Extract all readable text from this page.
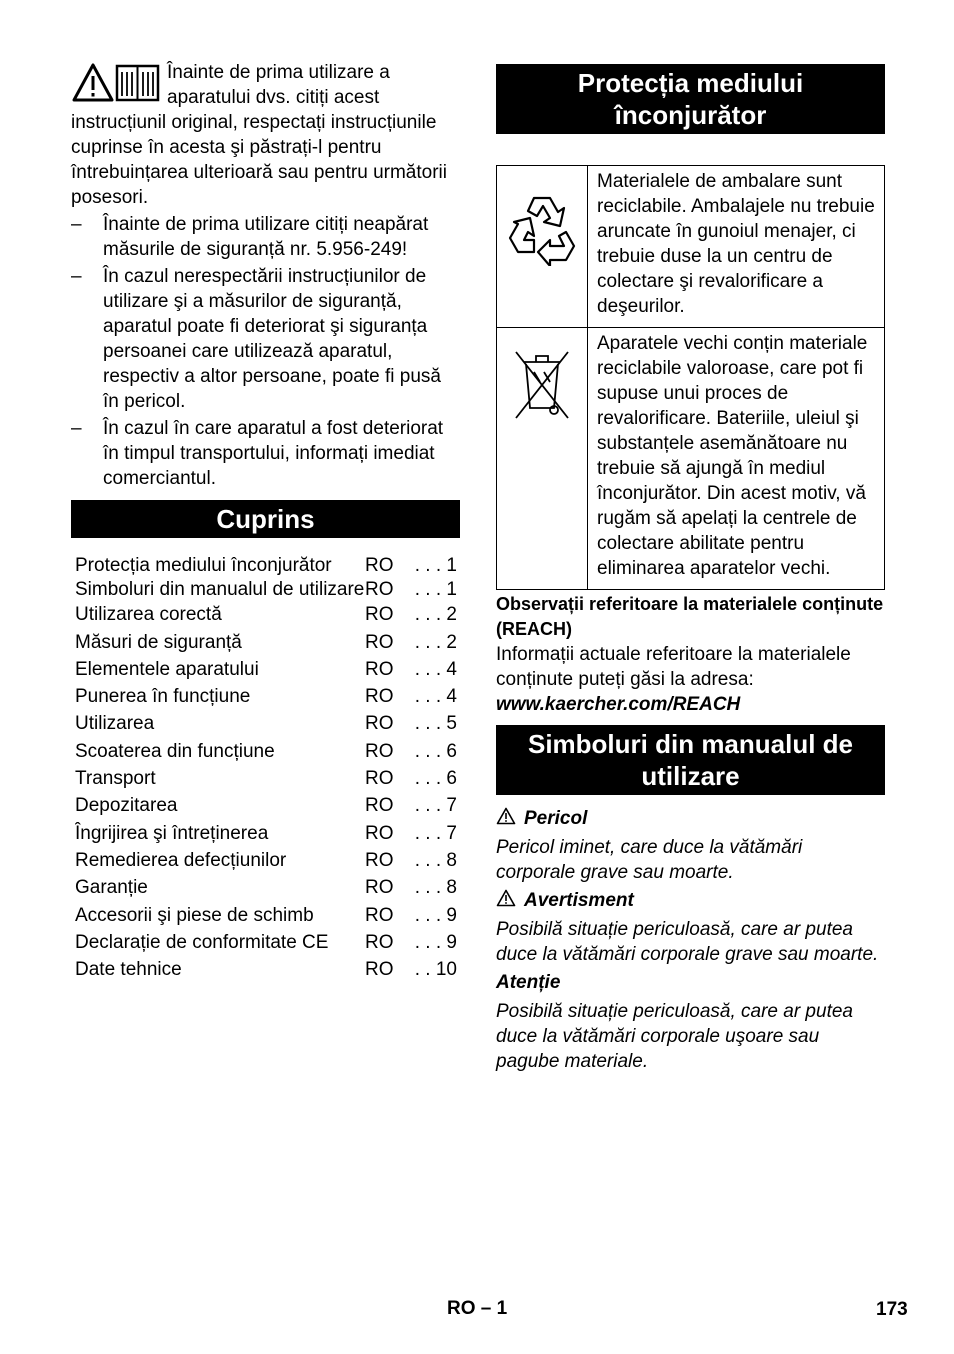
Înainte de prima utilizare a aparatului dvs. citiți acest instrucțiunil original, respectați instrucțiunile cuprinse în acesta şi păstrați-l pentru întrebuințarea ulterioară sau pentru următorii posesori.

– Înainte de prima utilizare citiți neapărat măsurile de siguranță nr. 5.956-249!
– În cazul nerespectării instrucțiunilor de utilizare şi a măsurilor de siguranță, aparatul poate fi deteriorat şi siguranța persoanei care utilizează aparatul, respectiv a altor persoane, poate fi pusă în pericol.
– În cazul în care aparatul a fost deteriorat în timpul transportului, informați imediat comerciantul.
Cuprins
Protecția mediului înconjurător	RO	. . . 1
Simboluri din manualul de utilizare RO	. . . 1
Utilizarea corectă	RO	. . . 2
Măsuri de siguranță	RO	. . . 2
Elementele aparatului	RO	. . . 4
Punerea în funcțiune	RO	. . . 4
Utilizarea	RO	. . . 5
Scoaterea din funcțiune	RO	. . . 6
Transport	RO	. . . 6
Depozitarea	RO	. . . 7
Îngrijirea şi întreținerea	RO	. . . 7
Remedierea defecțiunilor	RO	. . . 8
Garanție	RO	. . . 8
Accesorii şi piese de schimb	RO	. . . 9
Declarație de conformitate CE	RO	. . . 9
Date tehnice	RO	. . 10
Protecția mediului înconjurător
	Materialele de ambalare sunt reciclabile. Ambalajele nu trebuie aruncate în gunoiul menajer, ci trebuie duse la un centru de colectare şi revalorificare a deşeurilor.
	Aparatele vechi conțin materiale reciclabile valoroase, care pot fi supuse unui proces de revalorificare. Bateriile, uleiul şi substanțele asemănătoare nu trebuie să ajungă în mediul înconjurător. Din acest motiv, vă rugăm să apelați la centrele de colectare abilitate pentru eliminarea aparatelor vechi.

Observații referitoare la materialele conținute (REACH)

Informații actuale referitoare la materialele conținute puteți găsi la adresa:

www.kaercher.com/REACH

Simboluri din manualul de utilizare

Pericol

Pericol iminet, care duce la vătămări corporale grave sau moarte.

Avertisment

Posibilă situație periculoasă, care ar putea duce la vătămări corporale grave sau moarte.

Atenție

Posibilă situație periculoasă, care ar putea duce la vătămări corporale uşoare sau pagube materiale.

RO – 1	173
